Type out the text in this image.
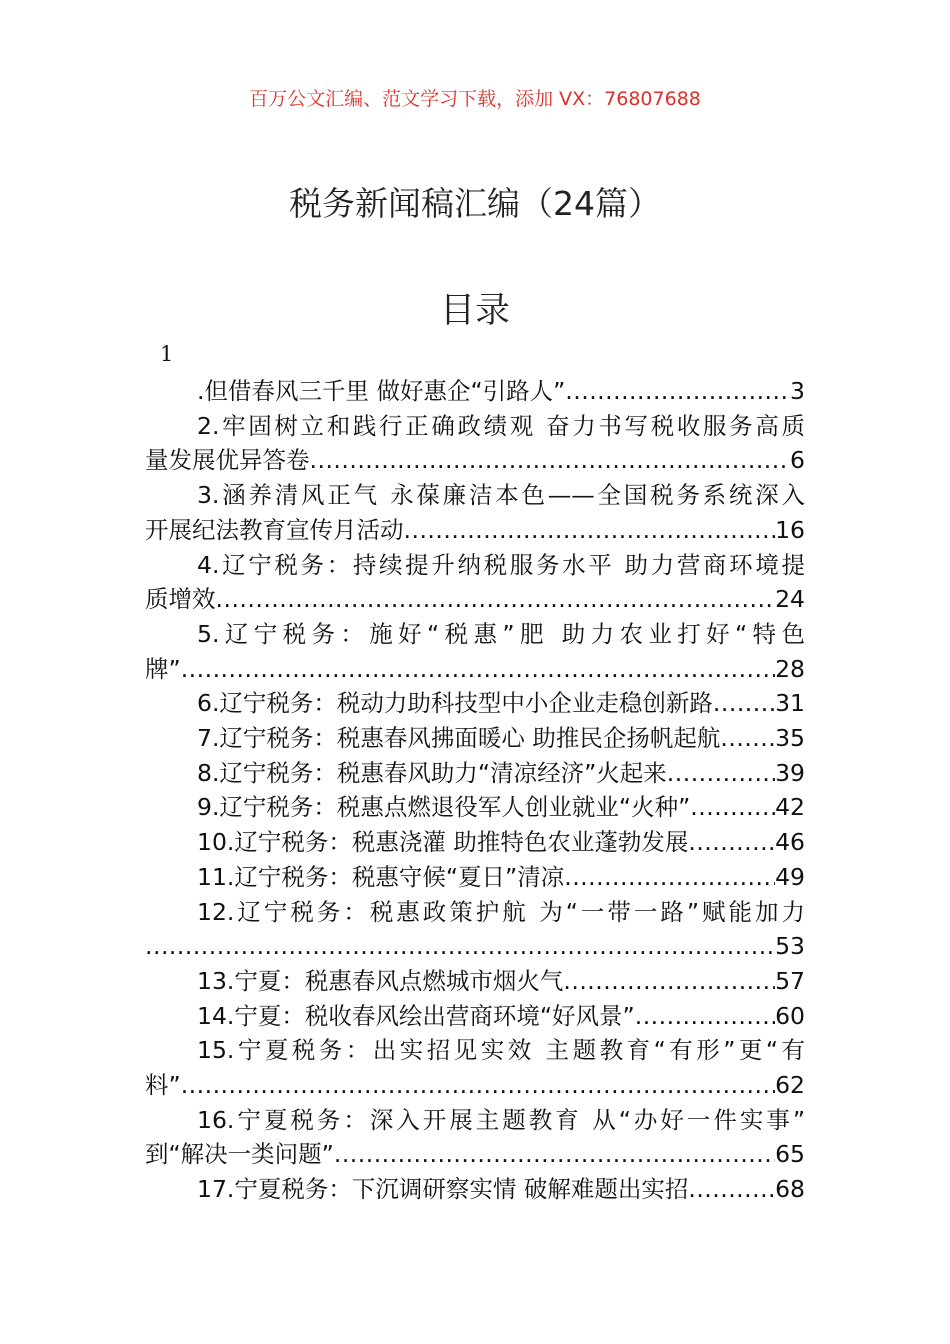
百万公文汇编、范文学习下载，添加 VX：76807688
税务新闻稿汇编（24篇）
目录
1
.但借春风三千里 做好惠企“引路人” .....	3
2.牢固树立和践行正确政绩观 奋力书写税收服务高质
量发展优异答卷 .....	6
3.涵养清风正气 永葆廉洁本色——全国税务系统深入
开展纪法教育宣传月活动 .....	16
4.辽宁税务：持续提升纳税服务水平 助力营商环境提
质增效 .....	24
5.辽宁税务：施好“税惠”肥 助力农业打好“特色
牌” .....	28
6.辽宁税务：税动力助科技型中小企业走稳创新路 .....	31
7.辽宁税务：税惠春风拂面暖心 助推民企扬帆起航 ..... 35
8.辽宁税务：税惠春风助力“清凉经济”火起来 .....	39
9.辽宁税务：税惠点燃退役军人创业就业“火种” .....	42
10.辽宁税务：税惠浇灌 助推特色农业蓬勃发展 .....	46
11.辽宁税务：税惠守候“夏日”清凉 .....	49
12.辽宁税务：税惠政策护航 为“一带一路”赋能加力
.....
53
13.宁夏：税惠春风点燃城市烟火气 .....	57
14.宁夏：税收春风绘出营商环境“好风景” .....	60
15.宁夏税务：出实招见实效 主题教育“有形”更“有
料” .....	62
16.宁夏税务：深入开展主题教育 从“办好一件实事”
到“解决一类问题” .....	65
17.宁夏税务：下沉调研察实情 破解难题出实招 .....	68
